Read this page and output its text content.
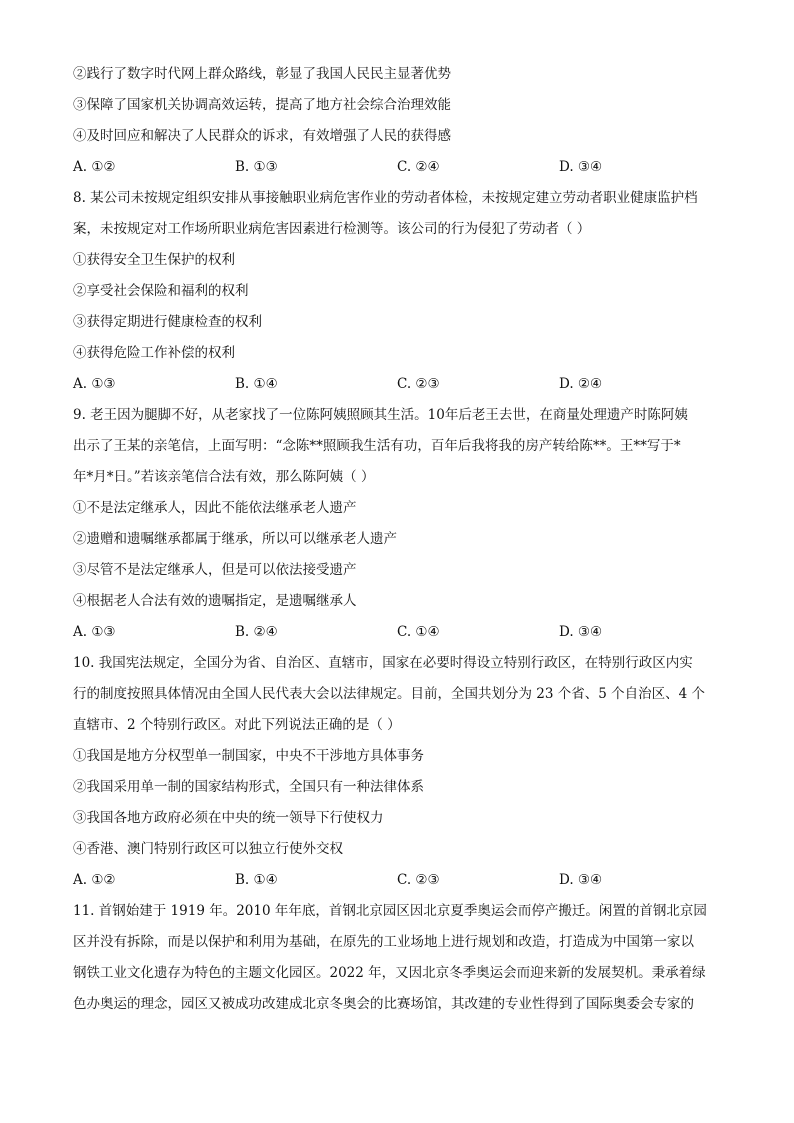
②践行了数字时代网上群众路线，彰显了我国人民民主显著优势
③保障了国家机关协调高效运转，提高了地方社会综合治理效能
④及时回应和解决了人民群众的诉求，有效增强了人民的获得感
A. ①②	B. ①③	C. ②④	D. ③④
8. 某公司未按规定组织安排从事接触职业病危害作业的劳动者体检，未按规定建立劳动者职业健康监护档
案，未按规定对工作场所职业病危害因素进行检测等。该公司的行为侵犯了劳动者（ ）
①获得安全卫生保护的权利
②享受社会保险和福利的权利
③获得定期进行健康检查的权利
④获得危险工作补偿的权利
A. ①③	B. ①④	C. ②③	D. ②④
9. 老王因为腿脚不好，从老家找了一位陈阿姨照顾其生活。10年后老王去世，在商量处理遗产时陈阿姨
出示了王某的亲笔信，上面写明：“念陈**照顾我生活有功，百年后我将我的房产转给陈**。王**写于*
年*月*日。”若该亲笔信合法有效，那么陈阿姨（ ）
①不是法定继承人，因此不能依法继承老人遗产
②遗赠和遗嘱继承都属于继承，所以可以继承老人遗产
③尽管不是法定继承人，但是可以依法接受遗产
④根据老人合法有效的遗嘱指定，是遗嘱继承人
A. ①③	B. ②④	C. ①④	D. ③④
10. 我国宪法规定，全国分为省、自治区、直辖市，国家在必要时得设立特别行政区，在特别行政区内实
行的制度按照具体情况由全国人民代表大会以法律规定。目前，全国共划分为 23 个省、5 个自治区、4 个
直辖市、2 个特别行政区。对此下列说法正确的是（ ）
①我国是地方分权型单一制国家，中央不干涉地方具体事务
②我国采用单一制的国家结构形式，全国只有一种法律体系
③我国各地方政府必须在中央的统一领导下行使权力
④香港、澳门特别行政区可以独立行使外交权
A. ①②	B. ①④	C. ②③	D. ③④
11. 首钢始建于 1919 年。2010 年年底，首钢北京园区因北京夏季奥运会而停产搬迁。闲置的首钢北京园
区并没有拆除，而是以保护和利用为基础，在原先的工业场地上进行规划和改造，打造成为中国第一家以
钢铁工业文化遗存为特色的主题文化园区。2022 年，又因北京冬季奥运会而迎来新的发展契机。秉承着绿
色办奥运的理念，园区又被成功改建成北京冬奥会的比赛场馆，其改建的专业性得到了国际奥委会专家的
